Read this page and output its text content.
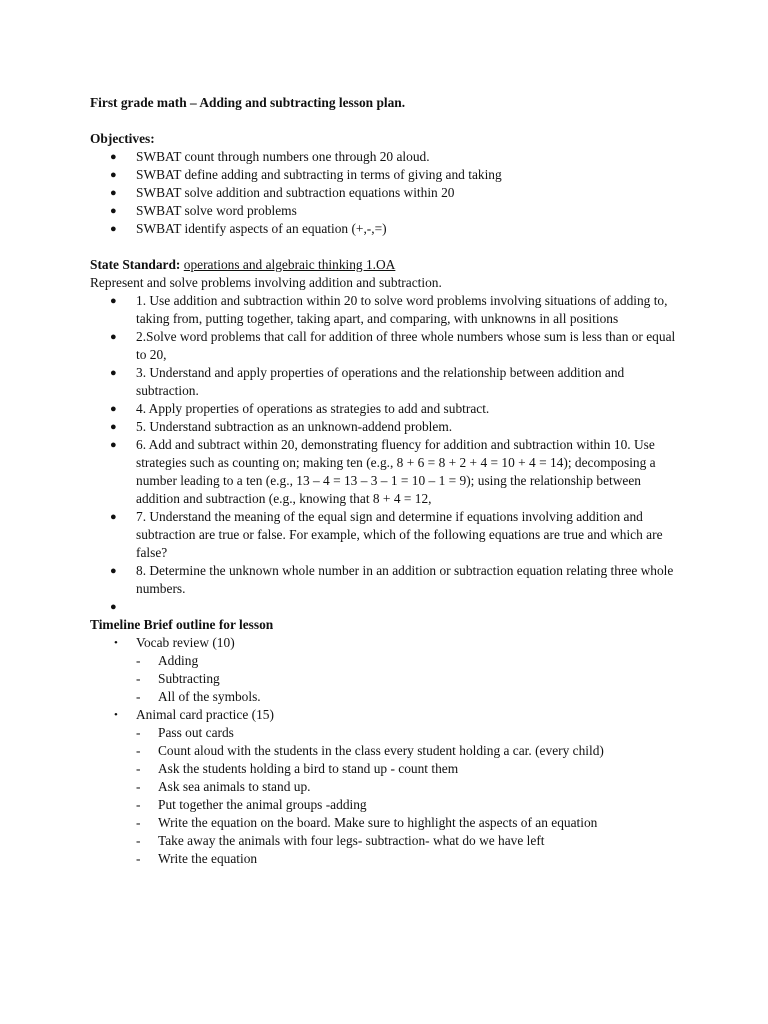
First grade math – Adding and subtracting lesson plan.

Objectives:

● SWBAT count through numbers one through 20 aloud.
● SWBAT define adding and subtracting in terms of giving and taking
● SWBAT solve addition and subtraction equations within 20
● SWBAT solve word problems
● SWBAT identify aspects of an equation (+,-,=)

State Standard: operations and algebraic thinking 1.OA

Represent and solve problems involving addition and subtraction.

● 1. Use addition and subtraction within 20 to solve word problems involving situations of adding to, taking from, putting together, taking apart, and comparing, with unknowns in all positions
● 2.Solve word problems that call for addition of three whole numbers whose sum is less than or equal to 20,
● 3. Understand and apply properties of operations and the relationship between addition and subtraction.
● 4. Apply properties of operations as strategies to add and subtract.
● 5. Understand subtraction as an unknown-addend problem.
● 6. Add and subtract within 20, demonstrating fluency for addition and subtraction within 10. Use strategies such as counting on; making ten (e.g., 8 + 6 = 8 + 2 + 4 = 10 + 4 = 14); decomposing a number leading to a ten (e.g., 13 – 4 = 13 – 3 – 1 = 10 – 1 = 9); using the relationship between addition and subtraction (e.g., knowing that 8 + 4 = 12,
● 7. Understand the meaning of the equal sign and determine if equations involving addition and subtraction are true or false. For example, which of the following equations are true and which are false?
● 8. Determine the unknown whole number in an addition or subtraction equation relating three whole numbers.
●

Timeline Brief outline for lesson

• Vocab review (10)
- Adding
- Subtracting
- All of the symbols.
• Animal card practice (15)
- Pass out cards
- Count aloud with the students in the class every student holding a car. (every child)
- Ask the students holding a bird to stand up - count them
- Ask sea animals to stand up.
- Put together the animal groups -adding
- Write the equation on the board. Make sure to highlight the aspects of an equation
- Take away the animals with four legs- subtraction- what do we have left
- Write the equation
